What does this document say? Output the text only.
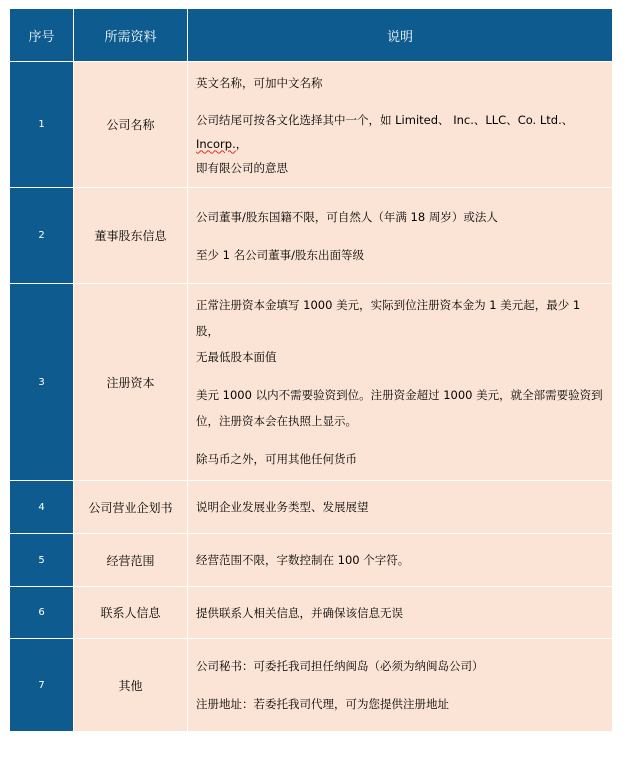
序号	所需资料	说明
1	公司名称	英文名称，可加中文名称

公司结尾可按各文化选择其中一个，如 Limited、 Inc.、LLC、Co. Ltd.、Incorp.，
即有限公司的意思

2	董事股东信息	公司董事/股东国籍不限，可自然人（年满 18 周岁）或法人

至少 1 名公司董事/股东出面等级

3	注册资本	正常注册资本金填写 1000 美元，实际到位注册资本金为 1 美元起，最少 1 股，
无最低股本面值

美元 1000 以内不需要验资到位。注册资金超过 1000 美元，就全部需要验资到
位，注册资本会在执照上显示。

除马币之外，可用其他任何货币

4	公司营业企划书	说明企业发展业务类型、发展展望

5	经营范围	经营范围不限，字数控制在 100 个字符。

6	联系人信息	提供联系人相关信息，并确保该信息无误

7	其他	公司秘书：可委托我司担任纳闽岛（必须为纳闽岛公司）

注册地址：若委托我司代理，可为您提供注册地址
